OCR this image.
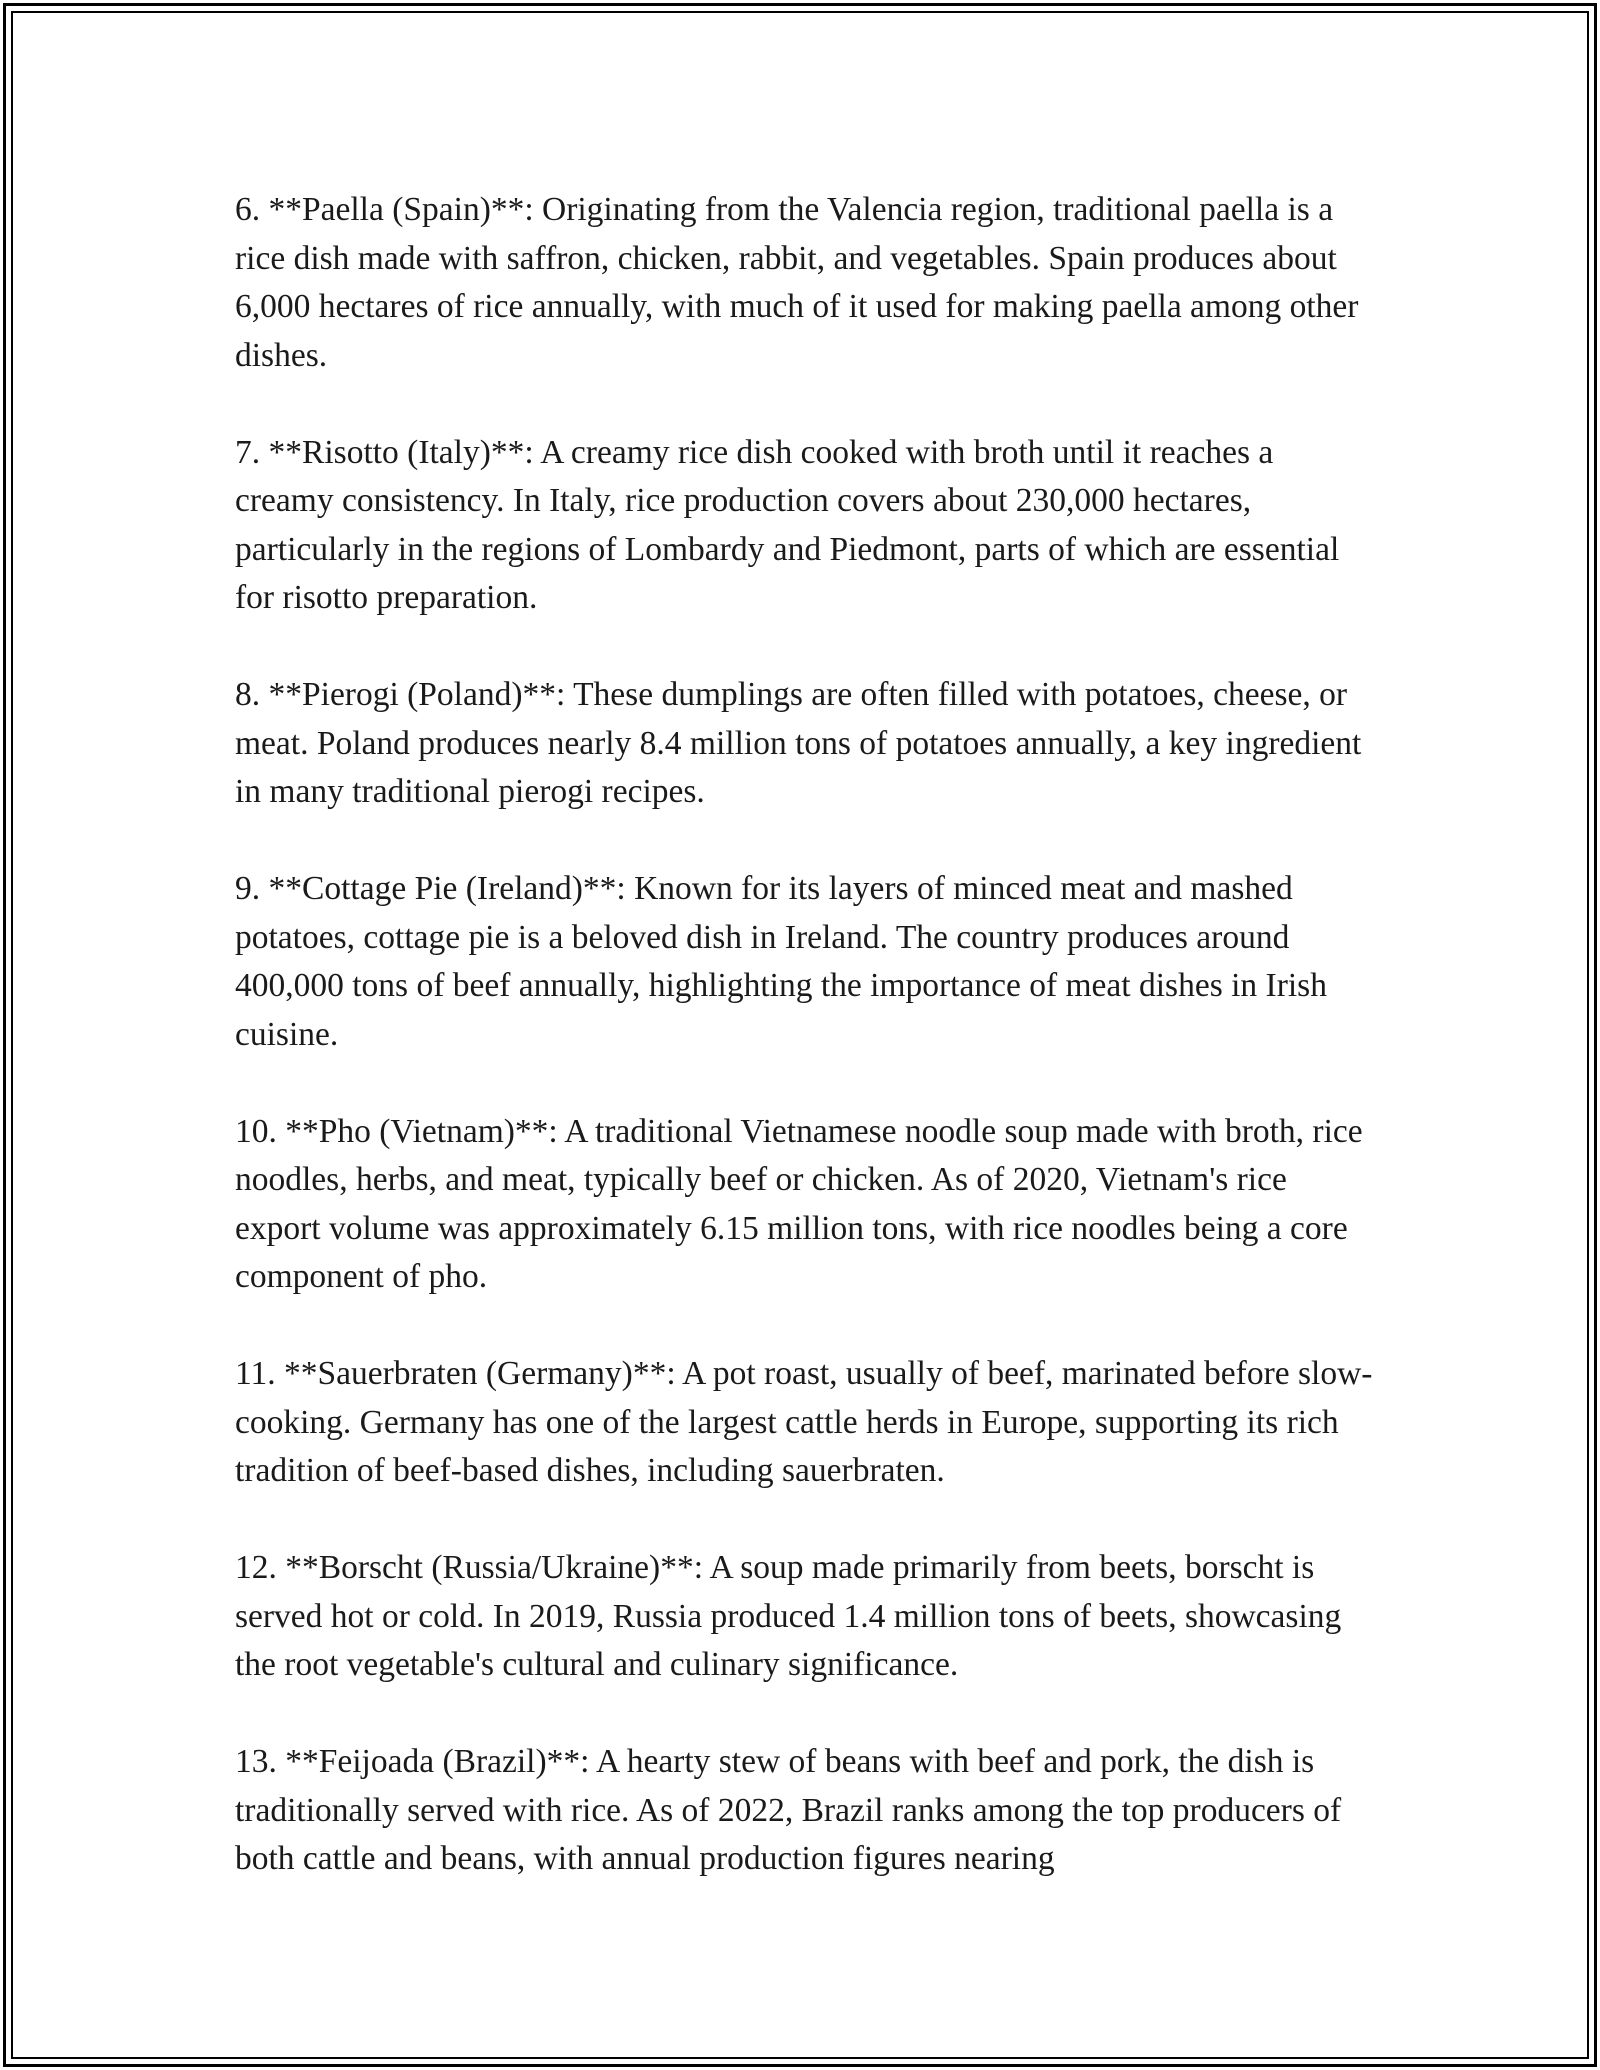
6. **Paella (Spain)**: Originating from the Valencia region, traditional paella is a rice dish made with saffron, chicken, rabbit, and vegetables. Spain produces about 6,000 hectares of rice annually, with much of it used for making paella among other dishes.

7. **Risotto (Italy)**: A creamy rice dish cooked with broth until it reaches a creamy consistency. In Italy, rice production covers about 230,000 hectares, particularly in the regions of Lombardy and Piedmont, parts of which are essential for risotto preparation.

8. **Pierogi (Poland)**: These dumplings are often filled with potatoes, cheese, or meat. Poland produces nearly 8.4 million tons of potatoes annually, a key ingredient in many traditional pierogi recipes.

9. **Cottage Pie (Ireland)**: Known for its layers of minced meat and mashed potatoes, cottage pie is a beloved dish in Ireland. The country produces around 400,000 tons of beef annually, highlighting the importance of meat dishes in Irish cuisine.

10. **Pho (Vietnam)**: A traditional Vietnamese noodle soup made with broth, rice noodles, herbs, and meat, typically beef or chicken. As of 2020, Vietnam's rice export volume was approximately 6.15 million tons, with rice noodles being a core component of pho.

11. **Sauerbraten (Germany)**: A pot roast, usually of beef, marinated before slow-cooking. Germany has one of the largest cattle herds in Europe, supporting its rich tradition of beef-based dishes, including sauerbraten.

12. **Borscht (Russia/Ukraine)**: A soup made primarily from beets, borscht is served hot or cold. In 2019, Russia produced 1.4 million tons of beets, showcasing the root vegetable's cultural and culinary significance.

13. **Feijoada (Brazil)**: A hearty stew of beans with beef and pork, the dish is traditionally served with rice. As of 2022, Brazil ranks among the top producers of both cattle and beans, with annual production figures nearing
